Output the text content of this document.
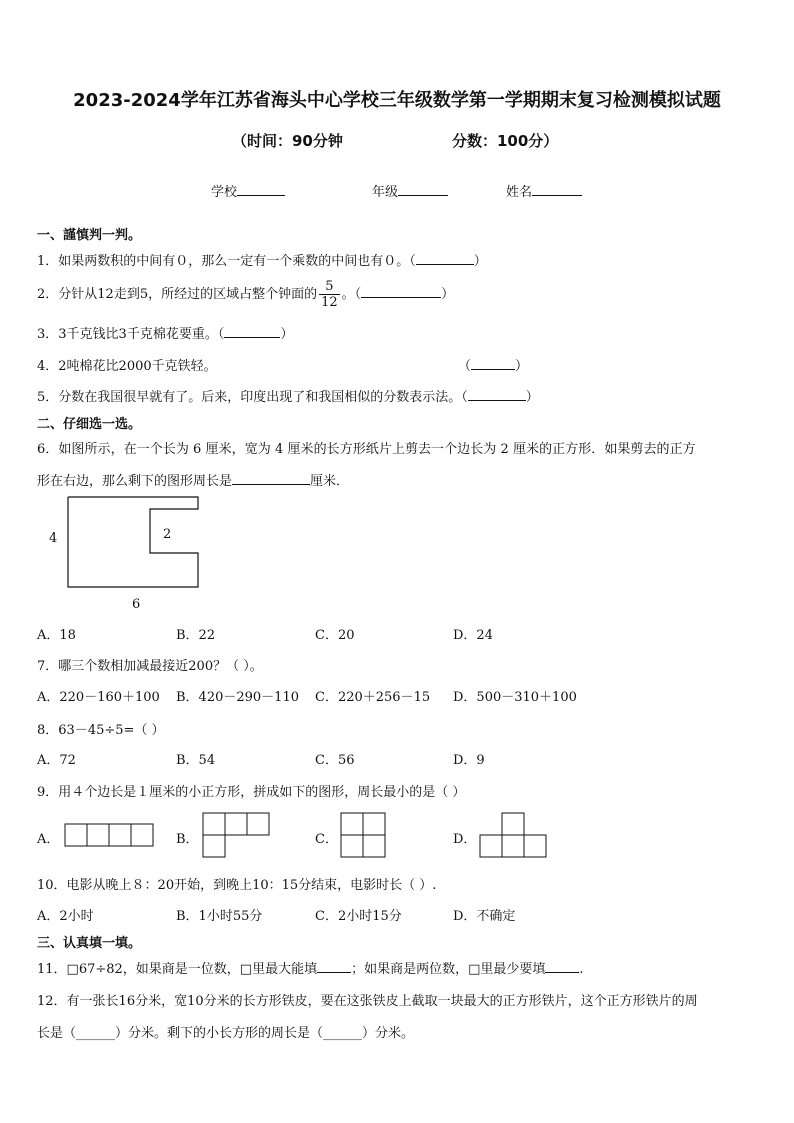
2023-2024学年江苏省海头中心学校三年级数学第一学期期末复习检测模拟试题
（时间：90分钟	分数：100分）
学校	年级	姓名
一、謹慎判一判。
1．如果两数积的中间有０，那么一定有一个乘数的中间也有０。（	）
2．分针从12走到5，所经过的区域占整个钟面的 $\frac{5}{12}$ 。（	）
3．3千克钱比3千克棉花要重。（	）
4．2吨棉花比2000千克铁轻。	（	）
5．分数在我国很早就有了。后来，印度出现了和我国相似的分数表示法。（	）
二、仔细选一选。
6．如图所示，在一个长为 6 厘米，宽为 4 厘米的长方形纸片上剪去一个边长为 2 厘米的正方形．如果剪去的正方
形在右边，那么剩下的图形周长是	厘米．
4	2
6
A．18	B．22	C．20	D．24
7．哪三个数相加减最接近200？（ ）。
A．220－160＋100 B．420－290－110 C．220＋256－15 D．500－310＋100
8．63－45÷5=（ ）
A．72	B．54	C．56	D．9
9．用４个边长是１厘米的小正方形，拼成如下的图形，周长最小的是（ ）
A．	B．	C．	D．
10．电影从晚上８：20开始，到晚上10：15分结束，电影时长（ ）.
A．2小时	B．1小时55分	C．2小时15分	D．不确定
三、认真填一填。
11．□67÷82，如果商是一位数，□里最大能填	；如果商是两位数，□里最少要填	.
12．有一张长16分米，宽10分米的长方形铁皮，要在这张铁皮上截取一块最大的正方形铁片，这个正方形铁片的周
长是（______）分米。剩下的小长方形的周长是（______）分米。
